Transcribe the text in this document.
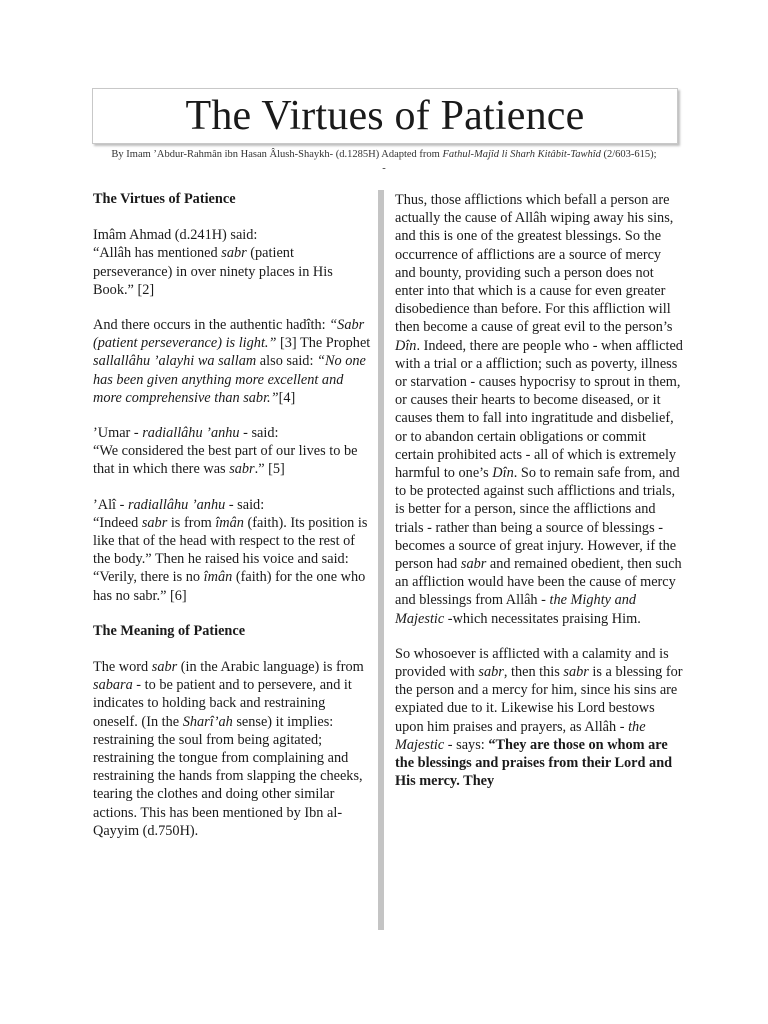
The Virtues of Patience
By Imam ’Abdur-Rahmân ibn Hasan Âlush-Shaykh- (d.1285H) Adapted from Fathul-Majîd li Sharh Kitâbit-Tawhîd (2/603-615); -
The Virtues of Patience
Imâm Ahmad (d.241H) said:
“Allâh has mentioned sabr (patient perseverance) in over ninety places in His Book.” [2]

And there occurs in the authentic hadîth: “Sabr (patient perseverance) is light.” [3] The Prophet sallallâhu ’alayhi wa sallam also said: “No one has been given anything more excellent and more comprehensive than sabr.”[4]

’Umar - radiallâhu ’anhu - said:
“We considered the best part of our lives to be that in which there was sabr.” [5]
’Alî - radiallâhu ’anhu - said:
“Indeed sabr is from îmân (faith). Its position is like that of the head with respect to the rest of the body.” Then he raised his voice and said: “Verily, there is no îmân (faith) for the one who has no sabr.” [6]
The Meaning of Patience

The word sabr (in the Arabic language) is from sabara - to be patient and to persevere, and it indicates to holding back and restraining oneself. (In the Sharî’ah sense) it implies: restraining the soul from being agitated; restraining the tongue from complaining and restraining the hands from slapping the cheeks, tearing the clothes and doing other similar actions. This has been mentioned by Ibn al-Qayyim (d.750H).

Thus, those afflictions which befall a person are actually the cause of Allâh wiping away his sins, and this is one of the greatest blessings. So the occurrence of afflictions are a source of mercy and bounty, providing such a person does not enter into that which is a cause for even greater disobedience than before. For this affliction will then become a cause of great evil to the person’s Dîn. Indeed, there are people who - when afflicted with a trial or a affliction; such as poverty, illness or starvation - causes hypocrisy to sprout in them, or causes their hearts to become diseased, or it causes them to fall into ingratitude and disbelief, or to abandon certain obligations or commit certain prohibited acts - all of which is extremely harmful to one’s Dîn. So to remain safe from, and to be protected against such afflictions and trials, is better for a person, since the afflictions and trials - rather than being a source of blessings - becomes a source of great injury. However, if the person had sabr and remained obedient, then such an affliction would have been the cause of mercy and blessings from Allâh - the Mighty and Majestic -which necessitates praising Him.

So whosoever is afflicted with a calamity and is provided with sabr, then this sabr is a blessing for the person and a mercy for him, since his sins are expiated due to it. Likewise his Lord bestows upon him praises and prayers, as Allâh - the Majestic - says: “They are those on whom are the blessings and praises from their Lord and His mercy. They
